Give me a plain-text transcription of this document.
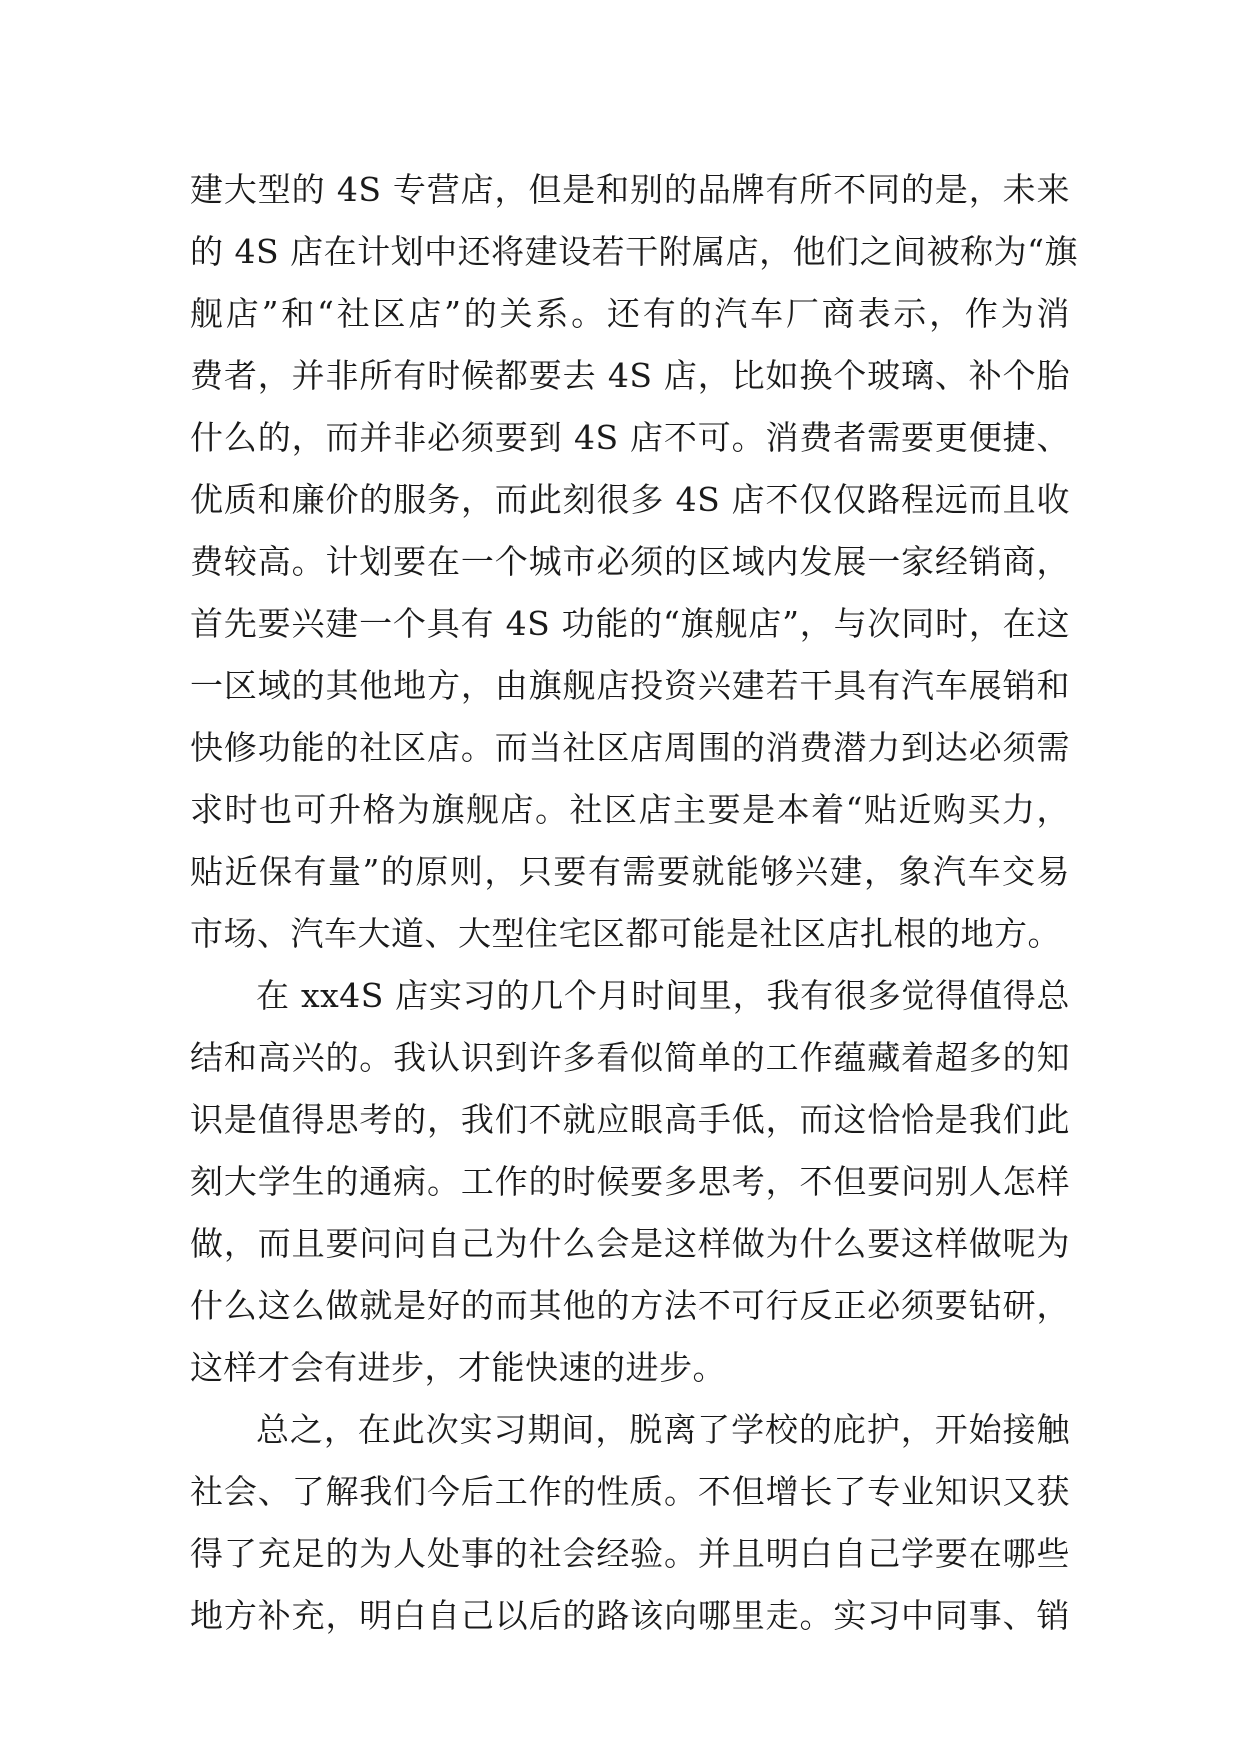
建大型的 4S 专营店，但是和别的品牌有所不同的是，未来
的 4S 店在计划中还将建设若干附属店，他们之间被称为“旗
舰店”和“社区店”的关系。还有的汽车厂商表示，作为消
费者，并非所有时候都要去 4S 店，比如换个玻璃、补个胎
什么的，而并非必须要到 4S 店不可。消费者需要更便捷、
优质和廉价的服务，而此刻很多 4S 店不仅仅路程远而且收
费较高。计划要在一个城市必须的区域内发展一家经销商，
首先要兴建一个具有 4S 功能的“旗舰店”，与次同时，在这
一区域的其他地方，由旗舰店投资兴建若干具有汽车展销和
快修功能的社区店。而当社区店周围的消费潜力到达必须需
求时也可升格为旗舰店。社区店主要是本着“贴近购买力，
贴近保有量”的原则，只要有需要就能够兴建，象汽车交易
市场、汽车大道、大型住宅区都可能是社区店扎根的地方。
在 xx4S 店实习的几个月时间里，我有很多觉得值得总
结和高兴的。我认识到许多看似简单的工作蕴藏着超多的知
识是值得思考的，我们不就应眼高手低，而这恰恰是我们此
刻大学生的通病。工作的时候要多思考，不但要问别人怎样
做，而且要问问自己为什么会是这样做为什么要这样做呢为
什么这么做就是好的而其他的方法不可行反正必须要钻研，
这样才会有进步，才能快速的进步。
总之，在此次实习期间，脱离了学校的庇护，开始接触
社会、了解我们今后工作的性质。不但增长了专业知识又获
得了充足的为人处事的社会经验。并且明白自己学要在哪些
地方补充，明白自己以后的路该向哪里走。实习中同事、销
